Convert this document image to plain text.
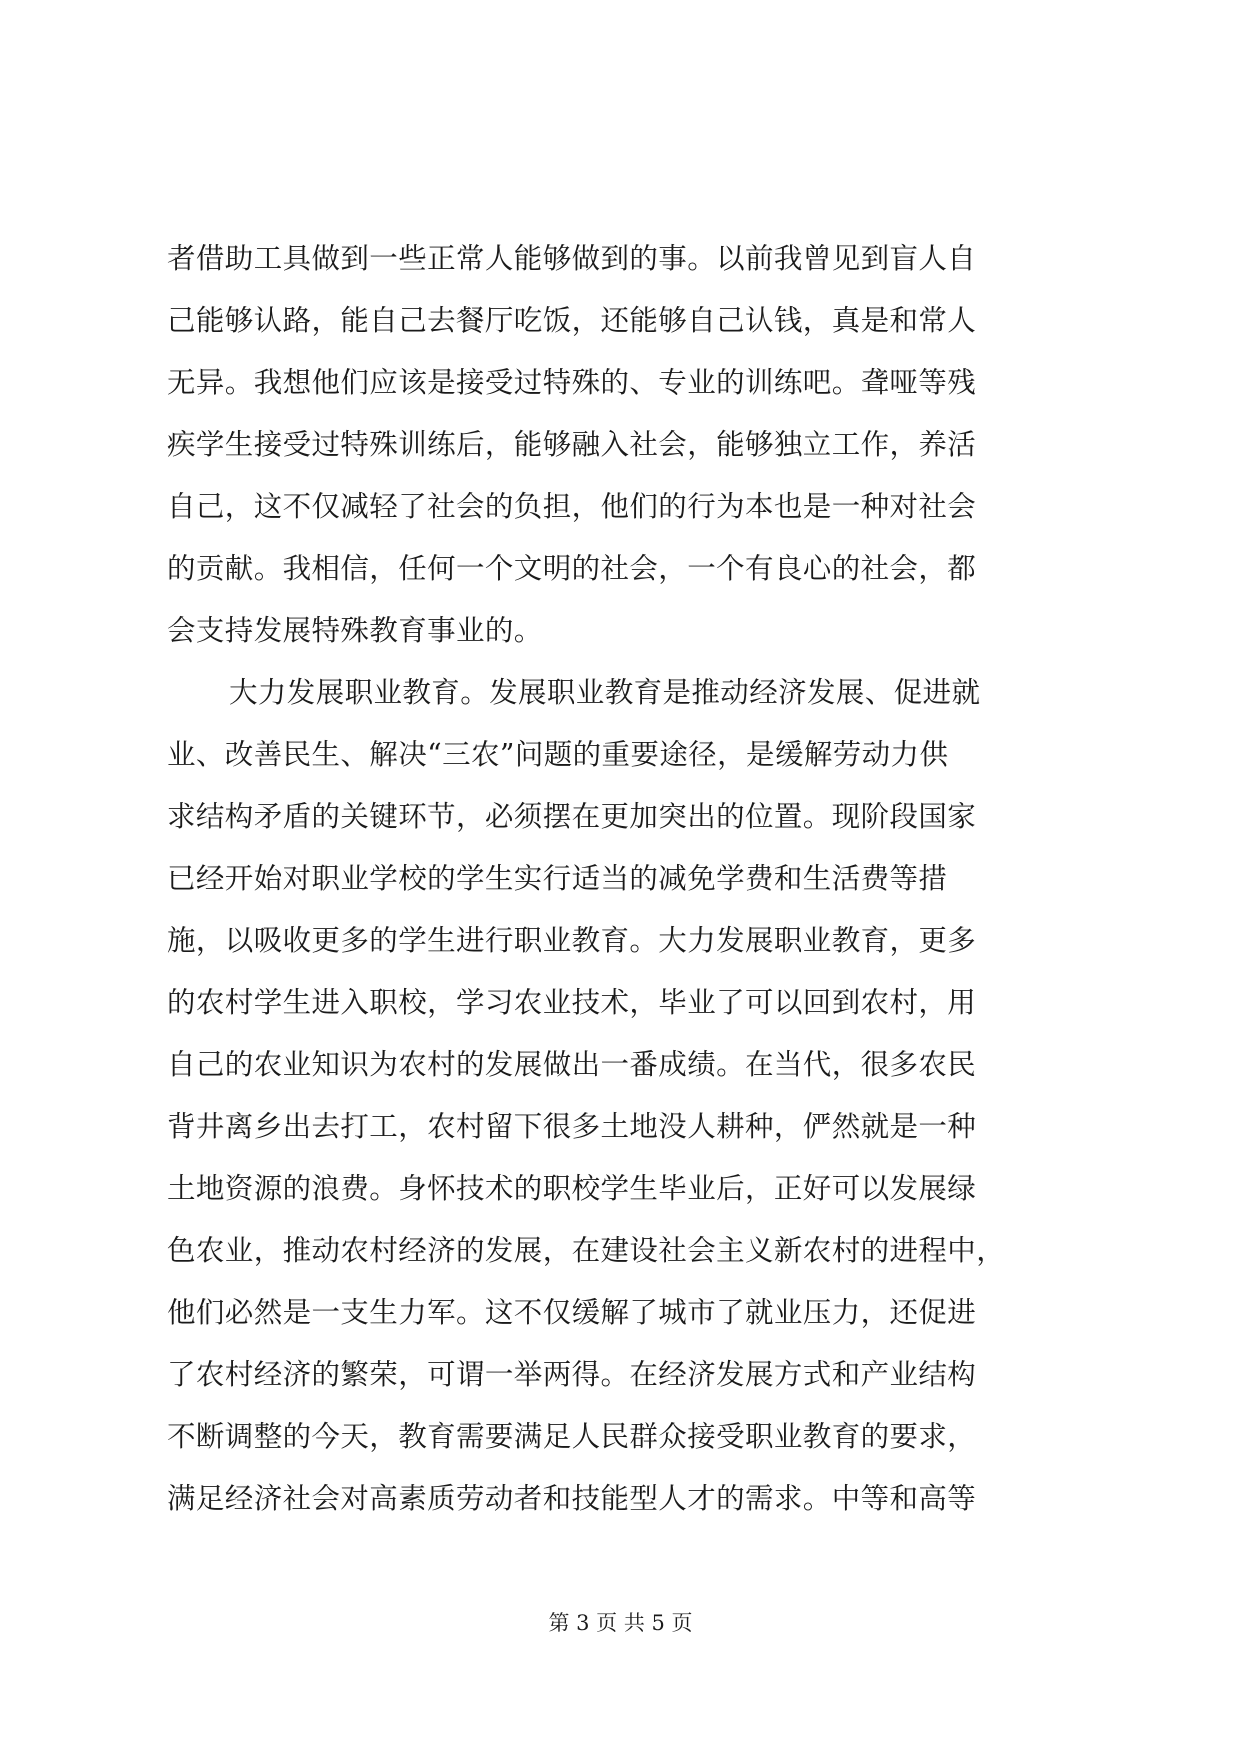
者借助工具做到一些正常人能够做到的事。以前我曾见到盲人自
己能够认路，能自己去餐厅吃饭，还能够自己认钱，真是和常人
无异。我想他们应该是接受过特殊的、专业的训练吧。聋哑等残
疾学生接受过特殊训练后，能够融入社会，能够独立工作，养活
自己，这不仅减轻了社会的负担，他们的行为本也是一种对社会
的贡献。我相信，任何一个文明的社会，一个有良心的社会，都
会支持发展特殊教育事业的。
大力发展职业教育。发展职业教育是推动经济发展、促进就
业、改善民生、解决“三农”问题的重要途径，是缓解劳动力供
求结构矛盾的关键环节，必须摆在更加突出的位置。现阶段国家
已经开始对职业学校的学生实行适当的减免学费和生活费等措
施，以吸收更多的学生进行职业教育。大力发展职业教育，更多
的农村学生进入职校，学习农业技术，毕业了可以回到农村，用
自己的农业知识为农村的发展做出一番成绩。在当代，很多农民
背井离乡出去打工，农村留下很多土地没人耕种，俨然就是一种
土地资源的浪费。身怀技术的职校学生毕业后，正好可以发展绿
色农业，推动农村经济的发展，在建设社会主义新农村的进程中，
他们必然是一支生力军。这不仅缓解了城市了就业压力，还促进
了农村经济的繁荣，可谓一举两得。在经济发展方式和产业结构
不断调整的今天，教育需要满足人民群众接受职业教育的要求，
满足经济社会对高素质劳动者和技能型人才的需求。中等和高等
第 3 页 共 5 页
